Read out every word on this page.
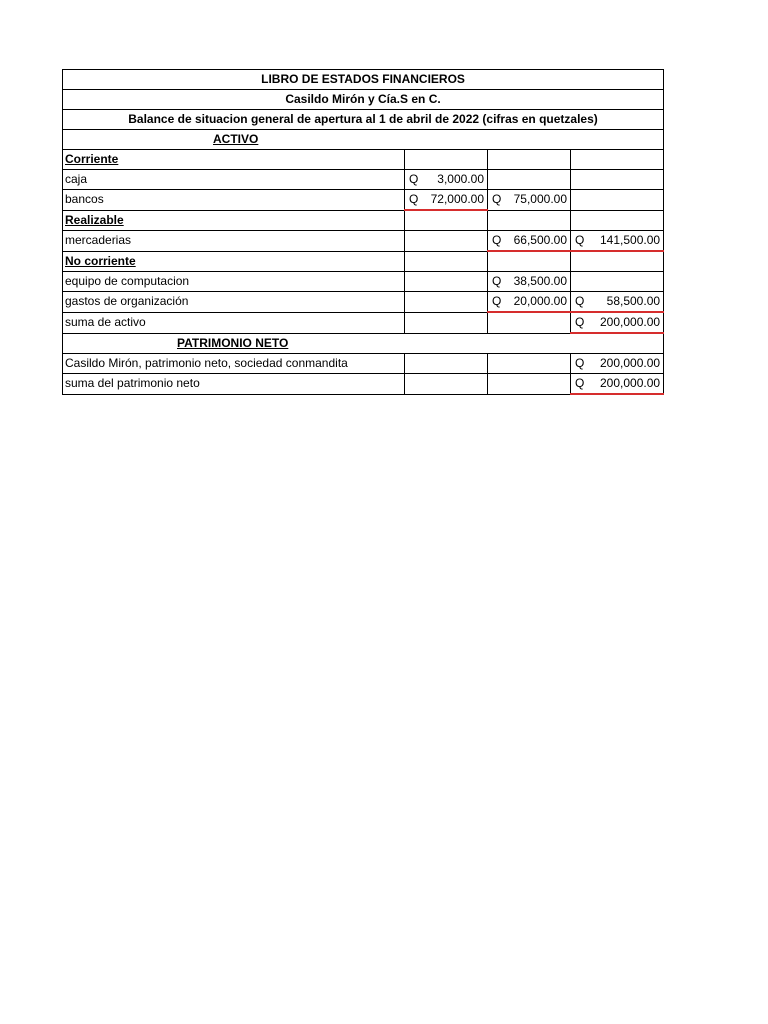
LIBRO DE ESTADOS FINANCIEROS			
Casildo Mirón y Cía.S en C.			
Balance de situacion general de apertura al 1 de abril de 2022 (cifras en quetzales)			
ACTIVO			
Corriente			
caja	Q 3,000.00		

bancos	Q 72,000.00	Q 75,000.00	

Realizable			
mercaderias		Q 66,500.00	Q 141,500.00

No corriente			
equipo de computacion		Q 38,500.00	

gastos de organización		Q 20,000.00	Q 58,500.00

suma de activo			Q 200,000.00

PATRIMONIO NETO			
Casildo Mirón, patrimonio neto, sociedad conmandita			Q 200,000.00

suma del patrimonio neto			Q 200,000.00
